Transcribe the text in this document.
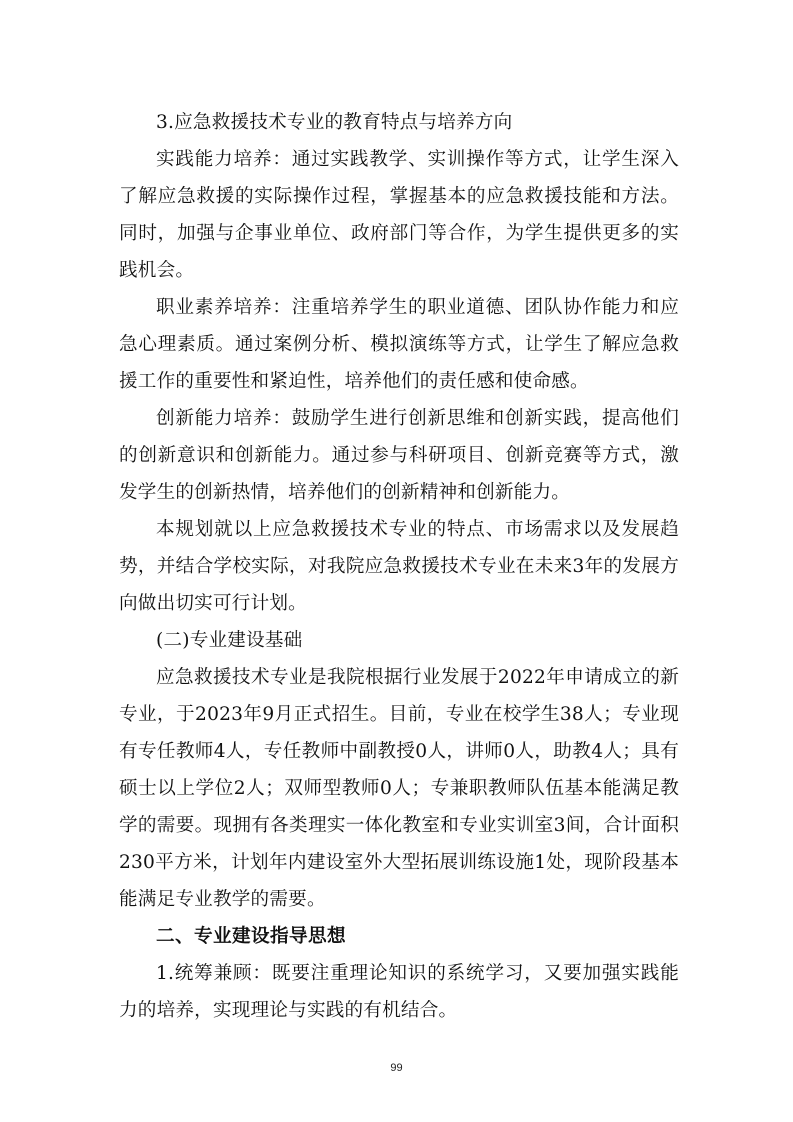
3.应急救援技术专业的教育特点与培养方向

实践能力培养：通过实践教学、实训操作等方式，让学生深入了解应急救援的实际操作过程，掌握基本的应急救援技能和方法。同时，加强与企事业单位、政府部门等合作，为学生提供更多的实践机会。

职业素养培养：注重培养学生的职业道德、团队协作能力和应急心理素质。通过案例分析、模拟演练等方式，让学生了解应急救援工作的重要性和紧迫性，培养他们的责任感和使命感。

创新能力培养：鼓励学生进行创新思维和创新实践，提高他们的创新意识和创新能力。通过参与科研项目、创新竞赛等方式，激发学生的创新热情，培养他们的创新精神和创新能力。

本规划就以上应急救援技术专业的特点、市场需求以及发展趋势，并结合学校实际，对我院应急救援技术专业在未来3年的发展方向做出切实可行计划。

(二)专业建设基础

应急救援技术专业是我院根据行业发展于2022年申请成立的新专业，于2023年9月正式招生。目前，专业在校学生38人；专业现有专任教师4人，专任教师中副教授0人，讲师0人，助教4人；具有硕士以上学位2人；双师型教师0人；专兼职教师队伍基本能满足教学的需要。现拥有各类理实一体化教室和专业实训室3间，合计面积230平方米，计划年内建设室外大型拓展训练设施1处，现阶段基本能满足专业教学的需要。

二、专业建设指导思想

1.统筹兼顾：既要注重理论知识的系统学习，又要加强实践能力的培养，实现理论与实践的有机结合。

99
